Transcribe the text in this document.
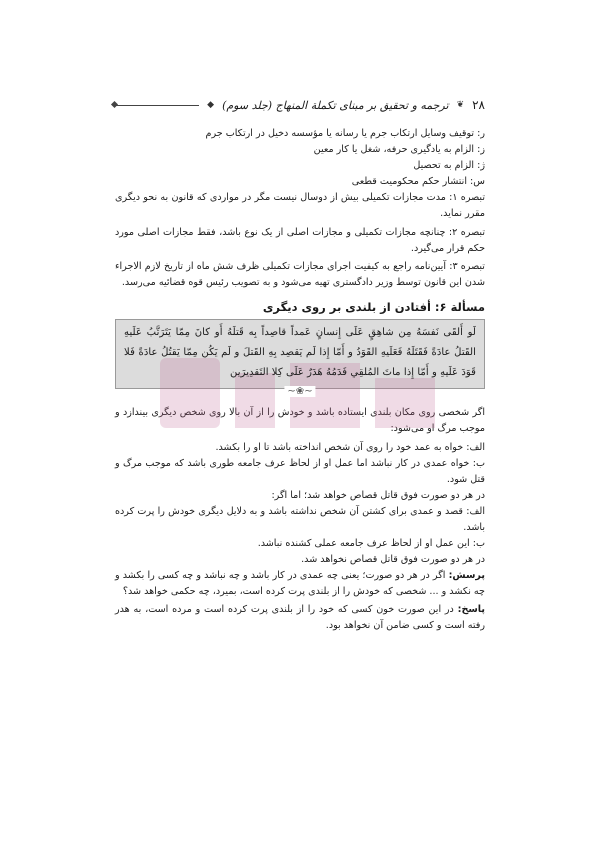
۲۸
❦
ترجمه و تحقیق بر مبنای تکملة المنهاج (جلد سوم)
◆

ر: توقیف وسایل ارتکاب جرم یا رسانه یا مؤسسه دخیل در ارتکاب جرم

ز: الزام به یادگیری حرفه، شغل یا کار معین

ژ: الزام به تحصیل

س: انتشار حکم محکومیت قطعی

تبصره ۱: مدت مجازات تکمیلی بیش از دوسال نیست مگر در مواردی که قانون به نحو دیگری مقرر نماید.

تبصره ۲: چنانچه مجازات تکمیلی و مجازات اصلی از یک نوع باشد، فقط مجازات اصلی مورد حکم قرار می‌گیرد.

تبصره ۳: آیین‌نامه راجع به کیفیت اجرای مجازات تکمیلی ظرف شش ماه از تاریخ لازم الاجراء شدن این قانون توسط وزیر دادگستری تهیه می‌شود و به تصویب رئیس قوه قضائیه می‌رسد.

مسألة ۶: أفتادن از بلندی بر روی دیگری

لَو أَلقَى نَفسَهُ مِن شاهِقٍ عَلَى إِنسانٍ عَمداً قاصِداً بِه قَتلَهُ أَو كانَ مِمّا يَتَرَتَّبُ عَلَيهِ القَتلُ عادَةً فَقَتَلَهُ فَعَلَيهِ القَوَدُ و أَمّا إِذا لَم يَقصِد بِهِ القَتلَ و لَم يَكُن مِمّا يَقتُلُ عادَةً فَلا قَوَدَ عَلَيهِ و أَمّا إِذا ماتَ المُلقِي فَدَمُهُ هَدَرٌ عَلَى كِلا التَقدِيرَين

~❀~

اگر شخصی روی مکان بلندی ایستاده باشد و خودش را از آن بالا روی شخص دیگری بیندازد و موجب مرگ او می‌شود:

الف: خواه به عمد خود را روی آن شخص انداخته باشد تا او را بکشد.

ب: خواه عمدی در کار نباشد اما عمل او از لحاظ عرف جامعه طوری باشد که موجب مرگ و قتل شود.

در هر دو صورت فوق قاتل قصاص خواهد شد؛ اما اگر:

الف: قصد و عمدی برای کشتن آن شخص نداشته باشد و به دلایل دیگری خودش را پرت کرده باشد.

ب: این عمل او از لحاظ عرف جامعه عملی کشنده نباشد.

در هر دو صورت فوق قاتل قصاص نخواهد شد.

پرسش: اگر در هر دو صورت؛ یعنی چه عمدی در کار باشد و چه نباشد و چه کسی را بکشد و چه نکشد و ... شخصی که خودش را از بلندی پرت کرده است، بمیرد، چه حکمی خواهد شد؟

پاسخ: در این صورت خون کسی که خود را از بلندی پرت کرده است و مرده است، به هدر رفته است و کسی ضامن آن نخواهد بود.
